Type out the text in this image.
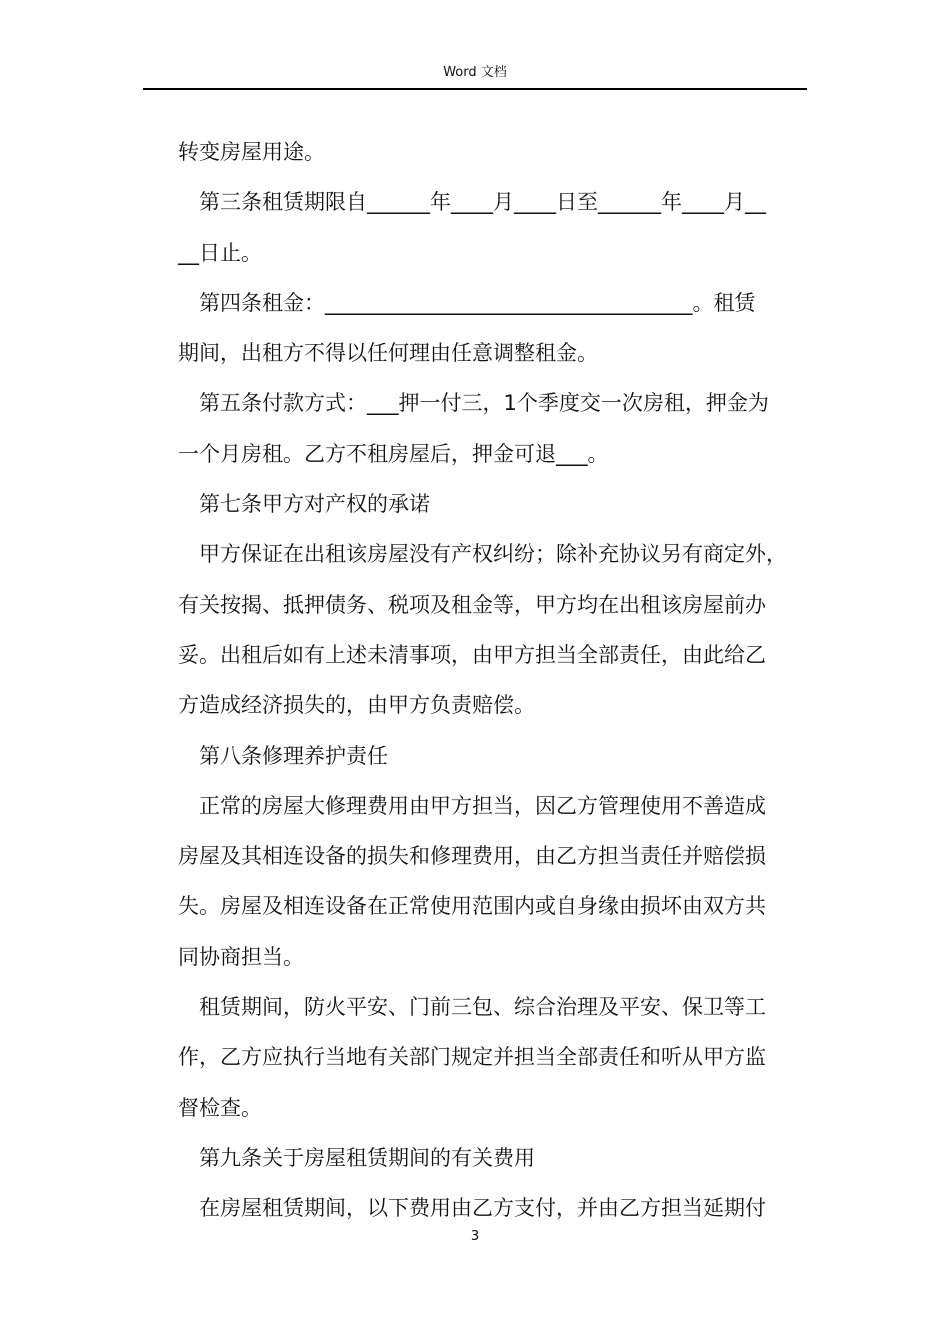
Word 文档
转变房屋用途。
第三条租赁期限自______年____月____日至______年____月__
__日止。
第四条租金：___________________________________。租赁
期间，出租方不得以任何理由任意调整租金。
第五条付款方式：___押一付三，1个季度交一次房租，押金为
一个月房租。乙方不租房屋后，押金可退___。
第七条甲方对产权的承诺
甲方保证在出租该房屋没有产权纠纷；除补充协议另有商定外，
有关按揭、抵押债务、税项及租金等，甲方均在出租该房屋前办
妥。出租后如有上述未清事项，由甲方担当全部责任，由此给乙
方造成经济损失的，由甲方负责赔偿。
第八条修理养护责任
正常的房屋大修理费用由甲方担当，因乙方管理使用不善造成
房屋及其相连设备的损失和修理费用，由乙方担当责任并赔偿损
失。房屋及相连设备在正常使用范围内或自身缘由损坏由双方共
同协商担当。
租赁期间，防火平安、门前三包、综合治理及平安、保卫等工
作，乙方应执行当地有关部门规定并担当全部责任和听从甲方监
督检查。
第九条关于房屋租赁期间的有关费用
在房屋租赁期间，以下费用由乙方支付，并由乙方担当延期付
3
